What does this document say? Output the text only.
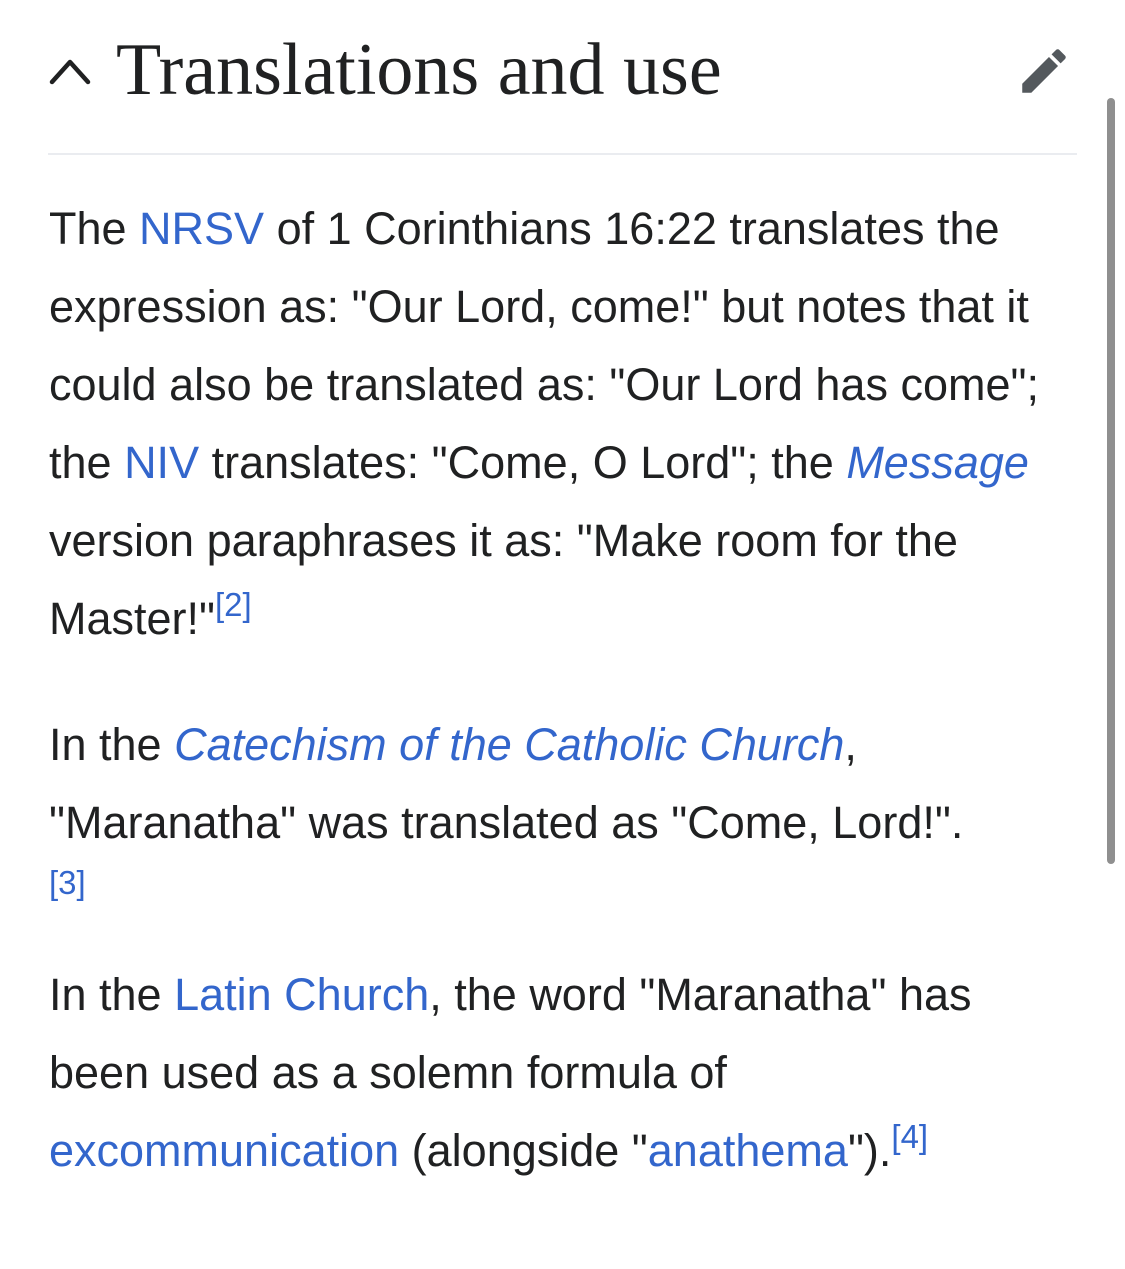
Translations and use

The NRSV of 1 Corinthians 16:22 translates the expression as: "Our Lord, come!" but notes that it could also be translated as: "Our Lord has come"; the NIV translates: "Come, O Lord"; the Message version paraphrases it as: "Make room for the Master!"[2]

In the Catechism of the Catholic Church, "Maranatha" was translated as "Come, Lord!".
[3]

In the Latin Church, the word "Maranatha" has been used as a solemn formula of excommunication (alongside "anathema").[4]
